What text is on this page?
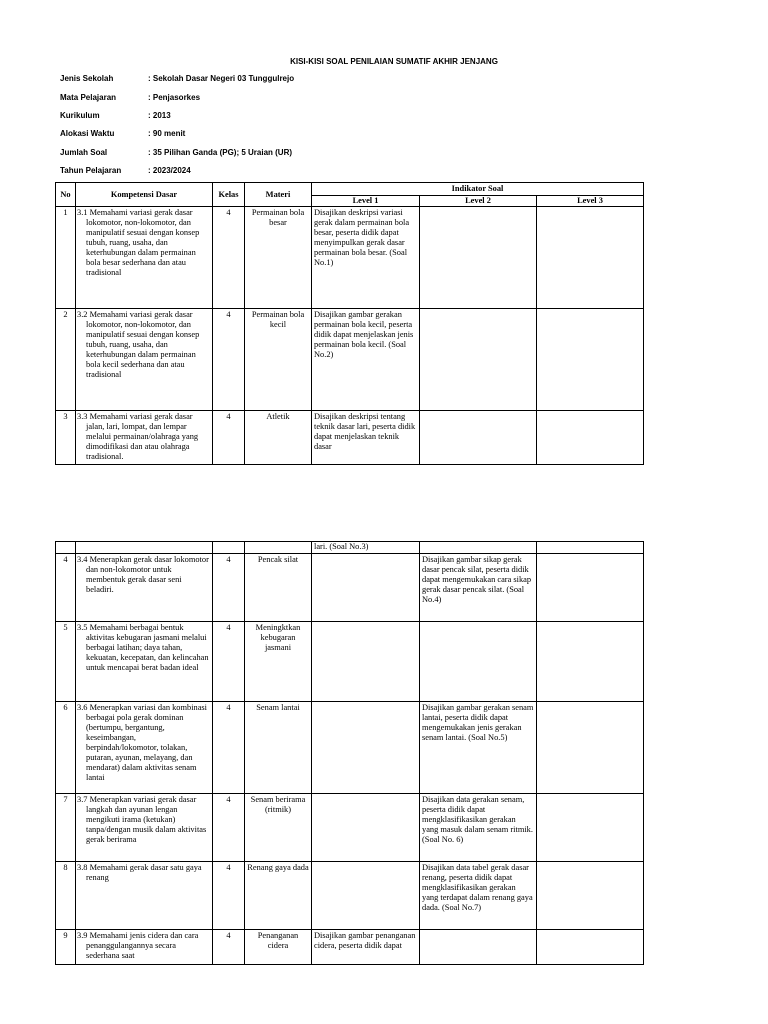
KISI-KISI SOAL PENILAIAN SUMATIF AKHIR JENJANG
Jenis Sekolah	: Sekolah Dasar Negeri 03 Tunggulrejo
Mata Pelajaran	: Penjasorkes
Kurikulum	: 2013
Alokasi Waktu	: 90 menit
Jumlah Soal	: 35 Pilihan Ganda (PG); 5 Uraian (UR)
Tahun Pelajaran	: 2023/2024
No	Kompetensi Dasar	Kelas	Materi	Indikator Soal		
				Level 1	Level 2	Level 3
1	3.1 Memahami variasi gerak dasar lokomotor, non-lokomotor, dan manipulatif sesuai dengan konsep tubuh, ruang, usaha, dan keterhubungan dalam permainan bola besar sederhana dan atau tradisional	4	Permainan bola besar	Disajikan deskripsi variasi gerak dalam permainan bola besar, peserta didik dapat menyimpulkan gerak dasar permainan bola besar. (Soal No.1)		
2	3.2 Memahami variasi gerak dasar lokomotor, non-lokomotor, dan manipulatif sesuai dengan konsep tubuh, ruang, usaha, dan keterhubungan dalam permainan bola kecil sederhana dan atau tradisional	4	Permainan bola kecil	Disajikan gambar gerakan permainan bola kecil, peserta didik dapat menjelaskan jenis permainan bola kecil. (Soal No.2)		
3	3.3 Memahami variasi gerak dasar jalan, lari, lompat, dan lempar melalui permainan/olahraga yang dimodifikasi dan atau olahraga tradisional.	4	Atletik	Disajikan deskripsi tentang teknik dasar lari, peserta didik dapat menjelaskan teknik dasar		
				lari. (Soal No.3)		
4	3.4 Menerapkan gerak dasar lokomotor dan non-lokomotor untuk membentuk gerak dasar seni beladiri.	4	Pencak silat		Disajikan gambar sikap gerak dasar pencak silat, peserta didik dapat mengemukakan cara sikap gerak dasar pencak silat. (Soal No.4)	
5	3.5 Memahami berbagai bentuk aktivitas kebugaran jasmani melalui berbagai latihan; daya tahan, kekuatan, kecepatan, dan kelincahan untuk mencapai berat badan ideal	4	Meningktkan kebugaran jasmani			
6	3.6 Menerapkan variasi dan kombinasi berbagai pola gerak dominan (bertumpu, bergantung, keseimbangan, berpindah/lokomotor, tolakan, putaran, ayunan, melayang, dan mendarat) dalam aktivitas senam lantai	4	Senam lantai		Disajikan gambar gerakan senam lantai, peserta didik dapat mengemukakan jenis gerakan senam lantai. (Soal No.5)	
7	3.7 Menerapkan variasi gerak dasar langkah dan ayunan lengan mengikuti irama (ketukan) tanpa/dengan musik dalam aktivitas gerak berirama	4	Senam berirama (ritmik)		Disajikan data gerakan senam, peserta didik dapat mengklasifikasikan gerakan yang masuk dalam senam ritmik. (Soal No. 6)	
8	3.8 Memahami gerak dasar satu gaya renang	4	Renang gaya dada		Disajikan data tabel gerak dasar renang, peserta didik dapat mengklasifikasikan gerakan yang terdapat dalam renang gaya dada. (Soal No.7)	
9	3.9 Memahami jenis cidera dan cara penanggulangannya secara sederhana saat	4	Penanganan cidera	Disajikan gambar penanganan cidera, peserta didik dapat		
